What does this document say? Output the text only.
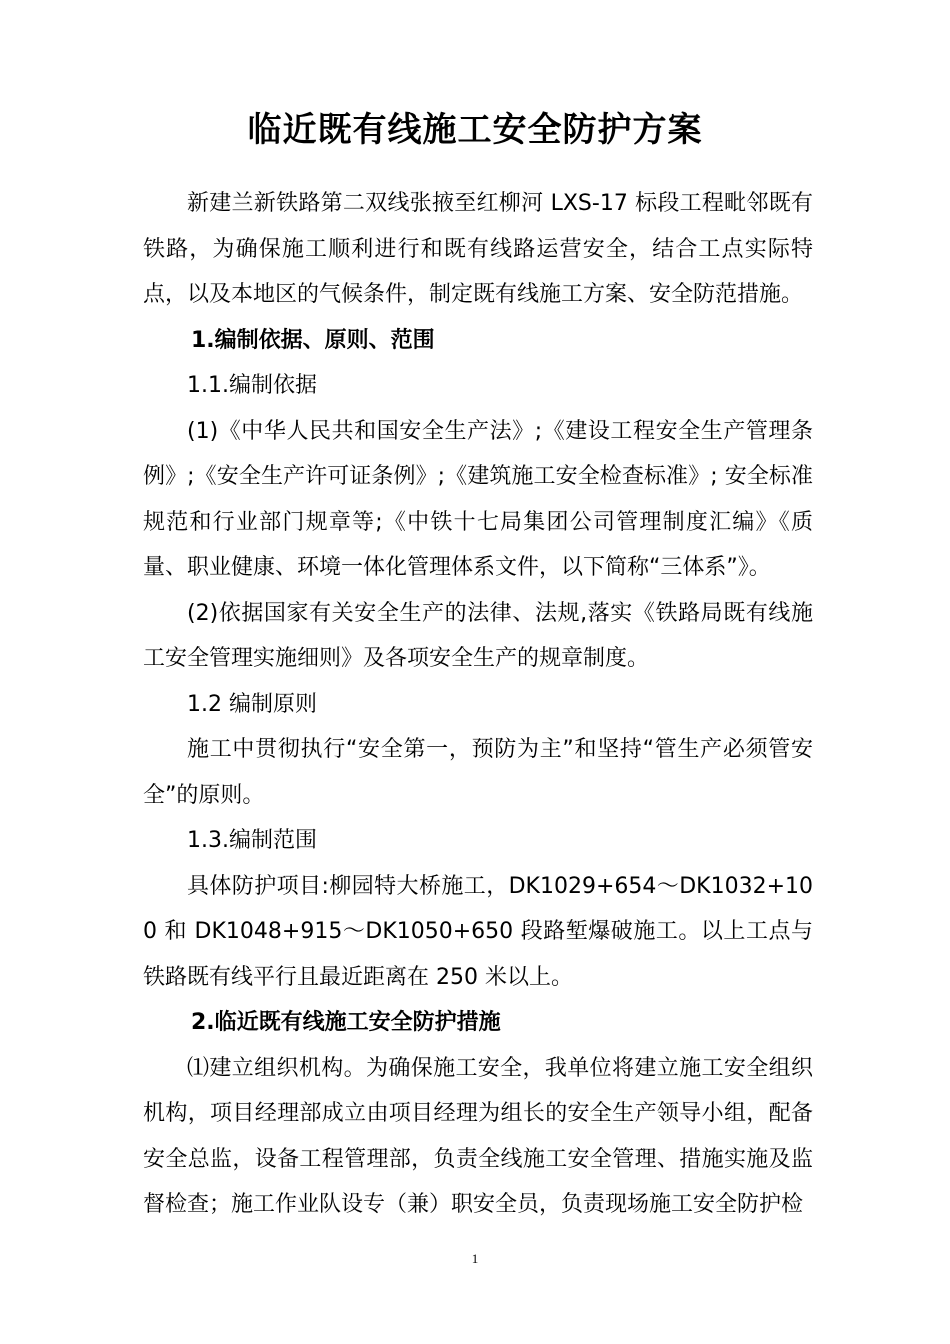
临近既有线施工安全防护方案

新建兰新铁路第二双线张掖至红柳河 LXS-17 标段工程毗邻既有铁路，为确保施工顺利进行和既有线路运营安全，结合工点实际特点，以及本地区的气候条件，制定既有线施工方案、安全防范措施。

1.编制依据、原则、范围

1.1.编制依据

(1)《中华人民共和国安全生产法》;《建设工程安全生产管理条例》;《安全生产许可证条例》;《建筑施工安全检查标准》; 安全标准规范和行业部门规章等;《中铁十七局集团公司管理制度汇编》《质量、职业健康、环境一体化管理体系文件，以下简称“三体系”》。

(2)依据国家有关安全生产的法律、法规,落实《铁路局既有线施工安全管理实施细则》及各项安全生产的规章制度。

1.2 编制原则

施工中贯彻执行“安全第一，预防为主”和坚持“管生产必须管安全”的原则。

1.3.编制范围

具体防护项目:柳园特大桥施工，DK1029+654～DK1032+100 和 DK1048+915～DK1050+650 段路堑爆破施工。以上工点与铁路既有线平行且最近距离在 250 米以上。

2.临近既有线施工安全防护措施

⑴建立组织机构。为确保施工安全，我单位将建立施工安全组织机构，项目经理部成立由项目经理为组长的安全生产领导小组，配备安全总监，设备工程管理部，负责全线施工安全管理、措施实施及监督检查；施工作业队设专（兼）职安全员，负责现场施工安全防护检

1
